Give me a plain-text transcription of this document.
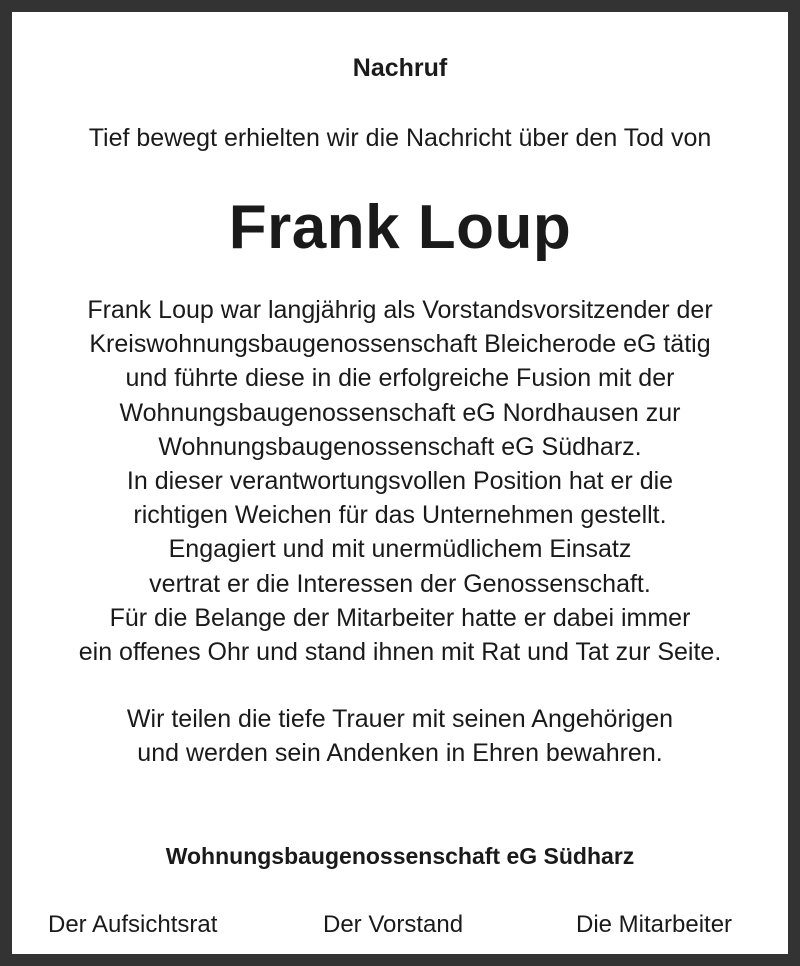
Nachruf
Tief bewegt erhielten wir die Nachricht über den Tod von
Frank Loup
Frank Loup war langjährig als Vorstandsvorsitzender der
Kreiswohnungsbaugenossenschaft Bleicherode eG tätig
und führte diese in die erfolgreiche Fusion mit der
Wohnungsbaugenossenschaft eG Nordhausen zur
Wohnungsbaugenossenschaft eG Südharz.
In dieser verantwortungsvollen Position hat er die
richtigen Weichen für das Unternehmen gestellt.
Engagiert und mit unermüdlichem Einsatz
vertrat er die Interessen der Genossenschaft.
Für die Belange der Mitarbeiter hatte er dabei immer
ein offenes Ohr und stand ihnen mit Rat und Tat zur Seite.
Wir teilen die tiefe Trauer mit seinen Angehörigen
und werden sein Andenken in Ehren bewahren.
Wohnungsbaugenossenschaft eG Südharz
Der Aufsichtsrat	Der Vorstand	Die Mitarbeiter
